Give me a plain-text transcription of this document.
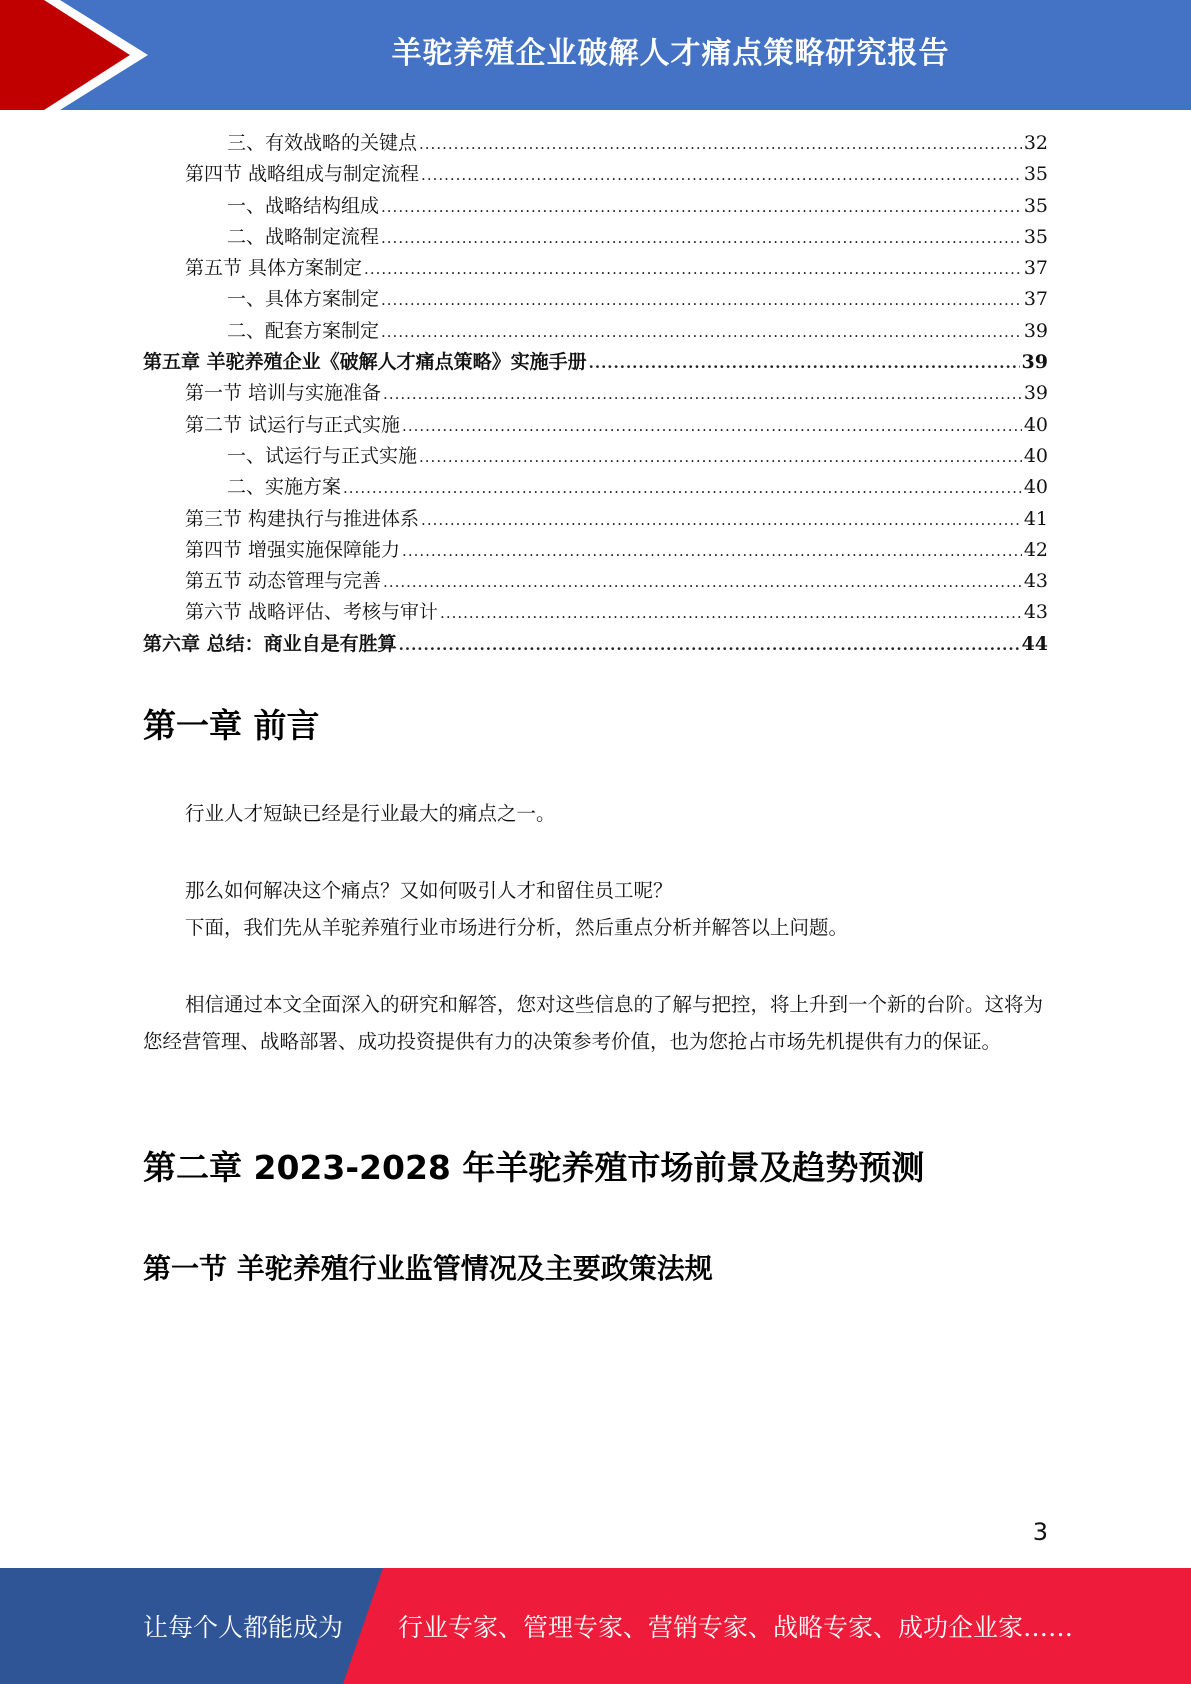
羊驼养殖企业破解人才痛点策略研究报告
三、有效战略的关键点 .....	32
第四节 战略组成与制定流程 .....	35
一、战略结构组成 .....	35
二、战略制定流程 .....	35
第五节 具体方案制定 .....	37
一、具体方案制定 .....	37
二、配套方案制定 .....	39
第五章 羊驼养殖企业《破解人才痛点策略》实施手册 .....	39
第一节 培训与实施准备 .....	39
第二节 试运行与正式实施 .....	40
一、试运行与正式实施 .....	40
二、实施方案 .....	40
第三节 构建执行与推进体系 .....	41
第四节 增强实施保障能力 .....	42
第五节 动态管理与完善 .....	43
第六节 战略评估、考核与审计 .....	43
第六章 总结：商业自是有胜算 .....	44
第一章 前言

行业人才短缺已经是行业最大的痛点之一。

那么如何解决这个痛点？又如何吸引人才和留住员工呢？

下面，我们先从羊驼养殖行业市场进行分析，然后重点分析并解答以上问题。

相信通过本文全面深入的研究和解答，您对这些信息的了解与把控，将上升到一个新的台阶。这将为您经营管理、战略部署、成功投资提供有力的决策参考价值，也为您抢占市场先机提供有力的保证。

第二章 2023-2028 年羊驼养殖市场前景及趋势预测
第一节 羊驼养殖行业监管情况及主要政策法规
3
让每个人都能成为 行业专家、管理专家、营销专家、战略专家、成功企业家……
